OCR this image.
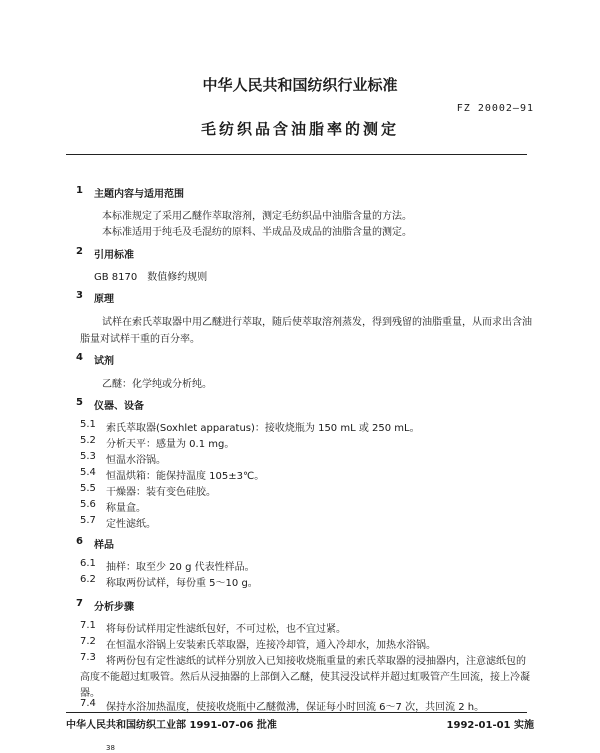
中华人民共和国纺织行业标准
FZ 20002—91
毛纺织品含油脂率的测定
1 主题内容与适用范围
本标准规定了采用乙醚作萃取溶剂，测定毛纺织品中油脂含量的方法。
本标准适用于纯毛及毛混纺的原料、半成品及成品的油脂含量的测定。
2 引用标准
GB 8170　数值修约规则
3 原理
试样在索氏萃取器中用乙醚进行萃取，随后使萃取溶剂蒸发，得到残留的油脂重量，从而求出含油
脂量对试样干重的百分率。
4 试剂
乙醚：化学纯或分析纯。
5 仪器、设备
5.1 索氏萃取器(Soxhlet apparatus)：接收烧瓶为 150 mL 或 250 mL。
5.2 分析天平：感量为 0.1 mg。
5.3 恒温水浴锅。
5.4 恒温烘箱：能保持温度 105±3℃。
5.5 干燥器：装有变色硅胶。
5.6 称量盒。
5.7 定性滤纸。
6 样品
6.1 抽样：取至少 20 g 代表性样品。
6.2 称取两份试样，每份重 5～10 g。
7 分析步骤
7.1 将每份试样用定性滤纸包好，不可过松，也不宜过紧。
7.2 在恒温水浴锅上安装索氏萃取器，连接冷却管，通入冷却水，加热水浴锅。
7.3 将两份包有定性滤纸的试样分别放入已知接收烧瓶重量的索氏萃取器的浸抽器内，注意滤纸包的
高度不能超过虹吸管。然后从浸抽器的上部倒入乙醚，使其浸没试样并超过虹吸管产生回流，接上冷凝
器。
7.4 保持水浴加热温度，使接收烧瓶中乙醚微沸，保证每小时回流 6～7 次，共回流 2 h。
中华人民共和国纺织工业部 1991-07-06 批准	1992-01-01 实施
38
